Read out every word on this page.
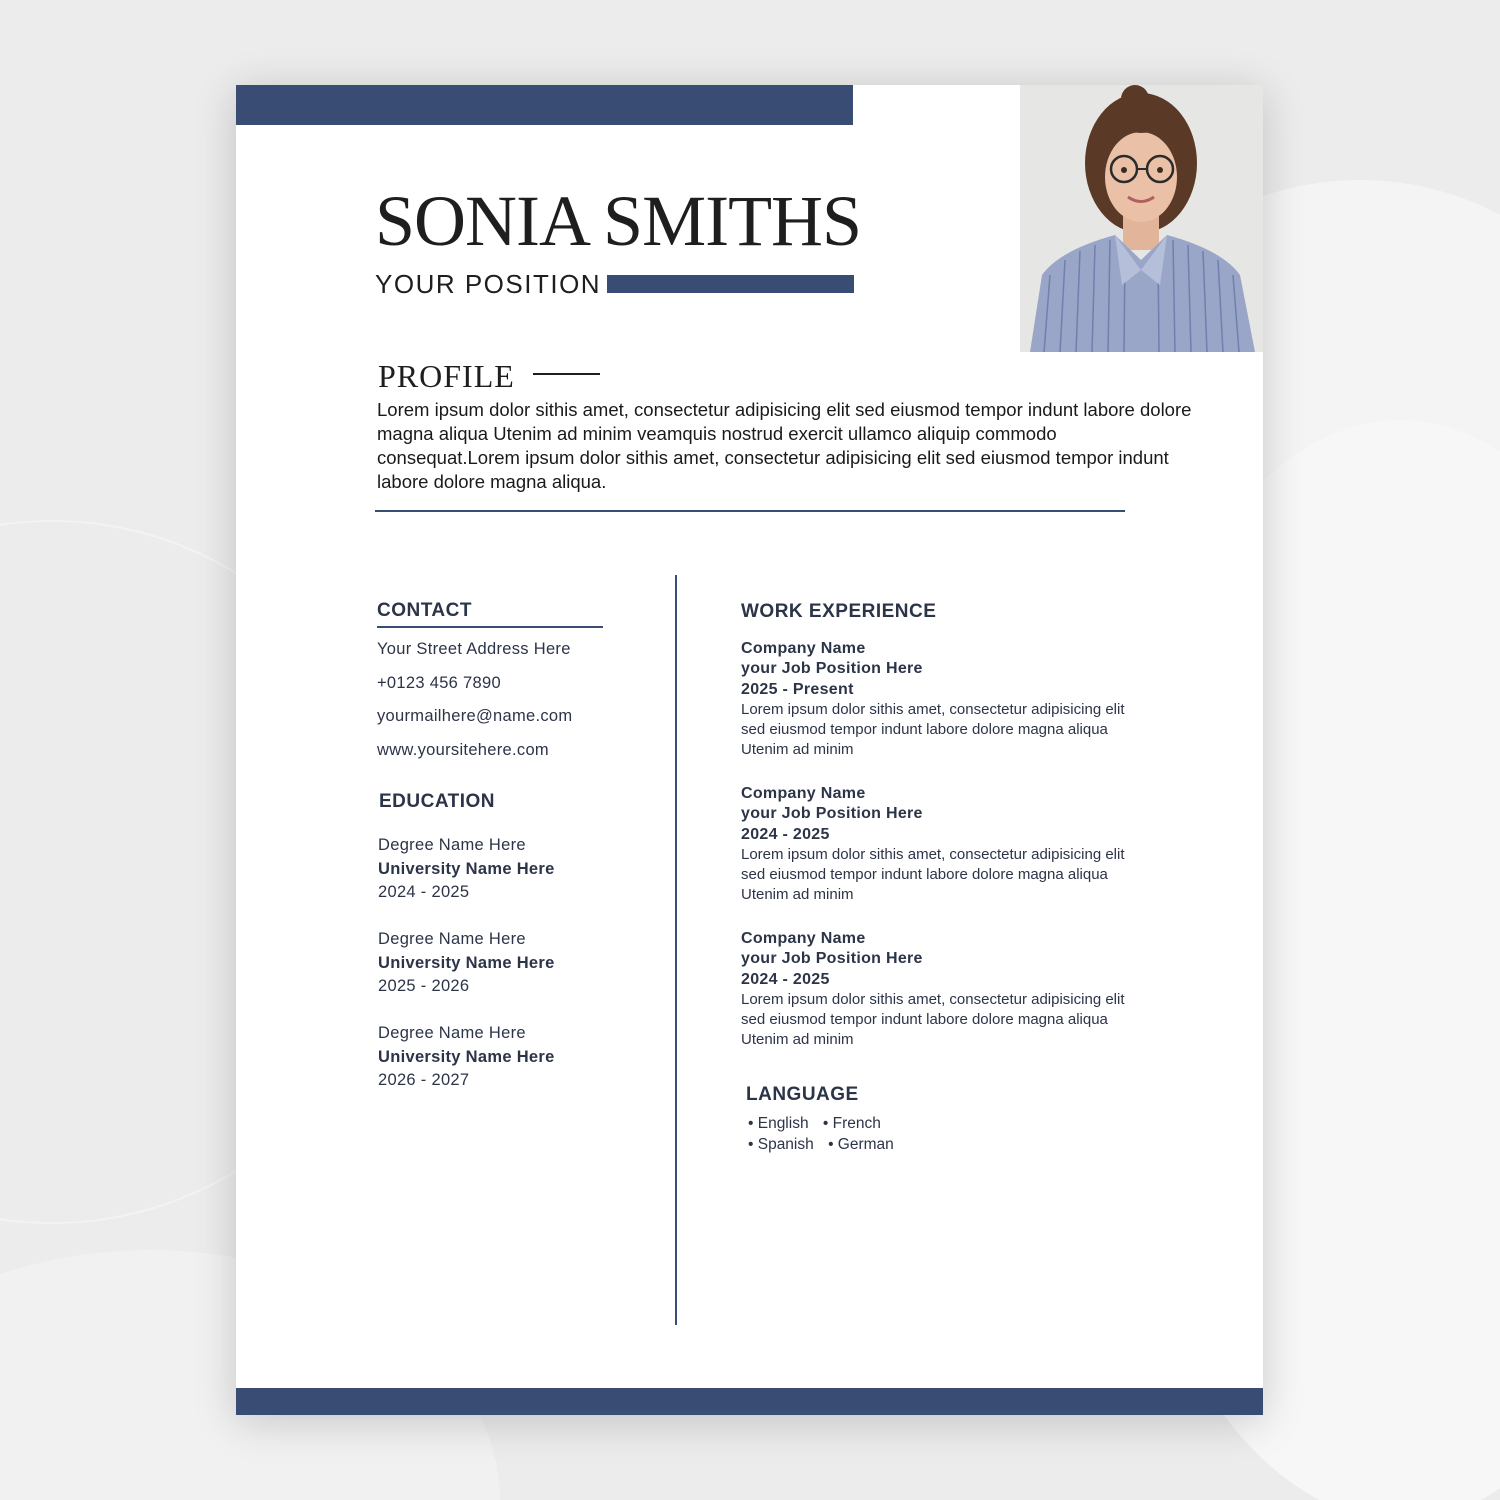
SONIA SMITHS
YOUR POSITION
PROFILE
Lorem ipsum dolor sithis amet, consectetur adipisicing elit sed eiusmod tempor indunt labore dolore magna aliqua Utenim ad minim veamquis nostrud exercit ullamco aliquip commodo consequat.Lorem ipsum dolor sithis amet, consectetur adipisicing elit sed eiusmod tempor indunt labore dolore magna aliqua.
CONTACT
Your Street Address Here
+0123 456 7890
yourmailhere@name.com
www.yoursitehere.com
EDUCATION
Degree Name Here
University Name Here
2024 - 2025
Degree Name Here
University Name Here
2025 - 2026
Degree Name Here
University Name Here
2026 - 2027
WORK EXPERIENCE
Company Name
your Job Position Here
2025 - Present
Lorem ipsum dolor sithis amet, consectetur adipisicing elit sed eiusmod tempor indunt labore dolore magna aliqua Utenim ad minim
Company Name
your Job Position Here
2024 - 2025
Lorem ipsum dolor sithis amet, consectetur adipisicing elit sed eiusmod tempor indunt labore dolore magna aliqua Utenim ad minim
Company Name
your Job Position Here
2024 - 2025
Lorem ipsum dolor sithis amet, consectetur adipisicing elit sed eiusmod tempor indunt labore dolore magna aliqua Utenim ad minim
LANGUAGE
• English • French
• Spanish • German
